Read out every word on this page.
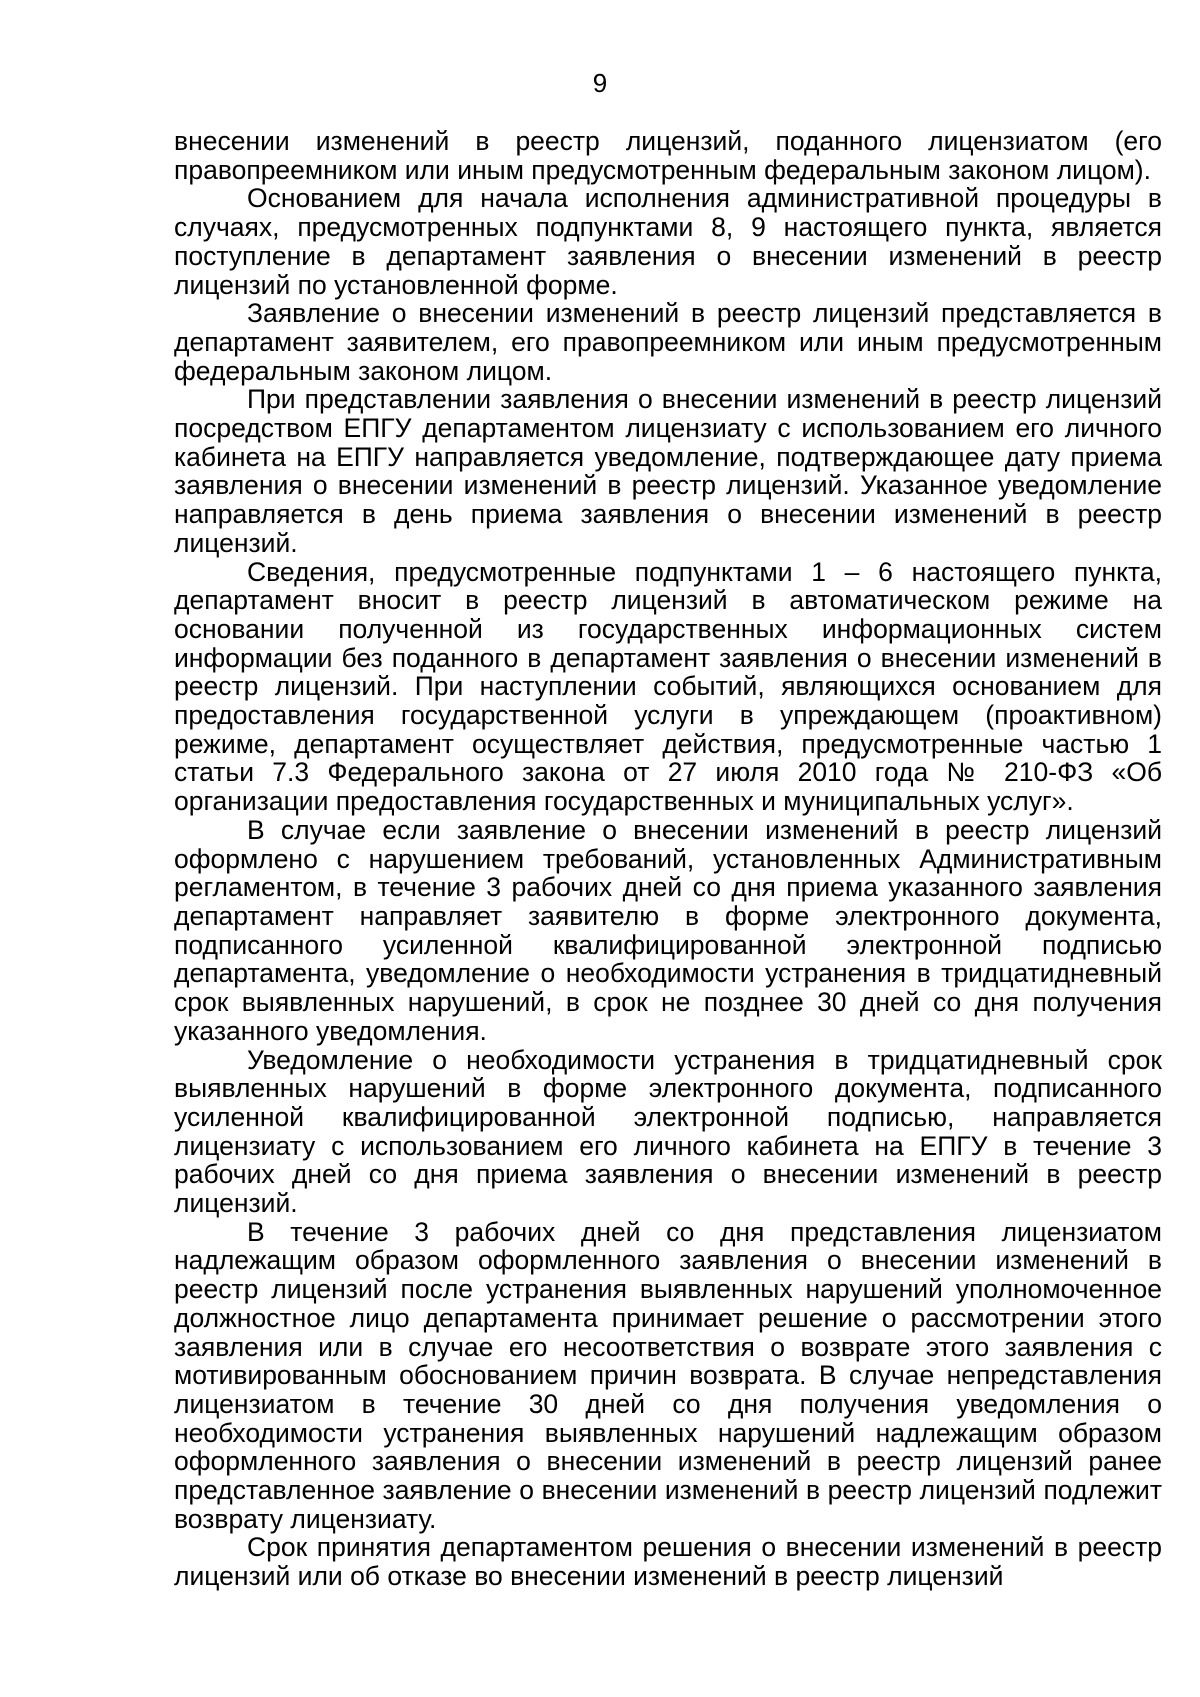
9

внесении изменений в реестр лицензий, поданного лицензиатом (его правопреемником или иным предусмотренным федеральным законом лицом).

Основанием для начала исполнения административной процедуры в случаях, предусмотренных подпунктами 8, 9 настоящего пункта, является поступление в департамент заявления о внесении изменений в реестр лицензий по установленной форме.

Заявление о внесении изменений в реестр лицензий представляется в департамент заявителем, его правопреемником или иным предусмотренным федеральным законом лицом.

При представлении заявления о внесении изменений в реестр лицензий посредством ЕПГУ департаментом лицензиату с использованием его личного кабинета на ЕПГУ направляется уведомление, подтверждающее дату приема заявления о внесении изменений в реестр лицензий. Указанное уведомление направляется в день приема заявления о внесении изменений в реестр лицензий.

Сведения, предусмотренные подпунктами 1 – 6 настоящего пункта, департамент вносит в реестр лицензий в автоматическом режиме на основании полученной из государственных информационных систем информации без поданного в департамент заявления о внесении изменений в реестр лицензий. При наступлении событий, являющихся основанием для предоставления государственной услуги в упреждающем (проактивном) режиме, департамент осуществляет действия, предусмотренные частью 1 статьи 7.3 Федерального закона от 27 июля 2010 года № 210-ФЗ «Об организации предоставления государственных и муниципальных услуг».

В случае если заявление о внесении изменений в реестр лицензий оформлено с нарушением требований, установленных Административным регламентом, в течение 3 рабочих дней со дня приема указанного заявления департамент направляет заявителю в форме электронного документа, подписанного усиленной квалифицированной электронной подписью департамента, уведомление о необходимости устранения в тридцатидневный срок выявленных нарушений, в срок не позднее 30 дней со дня получения указанного уведомления.

Уведомление о необходимости устранения в тридцатидневный срок выявленных нарушений в форме электронного документа, подписанного усиленной квалифицированной электронной подписью, направляется лицензиату с использованием его личного кабинета на ЕПГУ в течение 3 рабочих дней со дня приема заявления о внесении изменений в реестр лицензий.

В течение 3 рабочих дней со дня представления лицензиатом надлежащим образом оформленного заявления о внесении изменений в реестр лицензий после устранения выявленных нарушений уполномоченное должностное лицо департамента принимает решение о рассмотрении этого заявления или в случае его несоответствия о возврате этого заявления с мотивированным обоснованием причин возврата. В случае непредставления лицензиатом в течение 30 дней со дня получения уведомления о необходимости устранения выявленных нарушений надлежащим образом оформленного заявления о внесении изменений в реестр лицензий ранее представленное заявление о внесении изменений в реестр лицензий подлежит возврату лицензиату.

Срок принятия департаментом решения о внесении изменений в реестр лицензий или об отказе во внесении изменений в реестр лицензий
